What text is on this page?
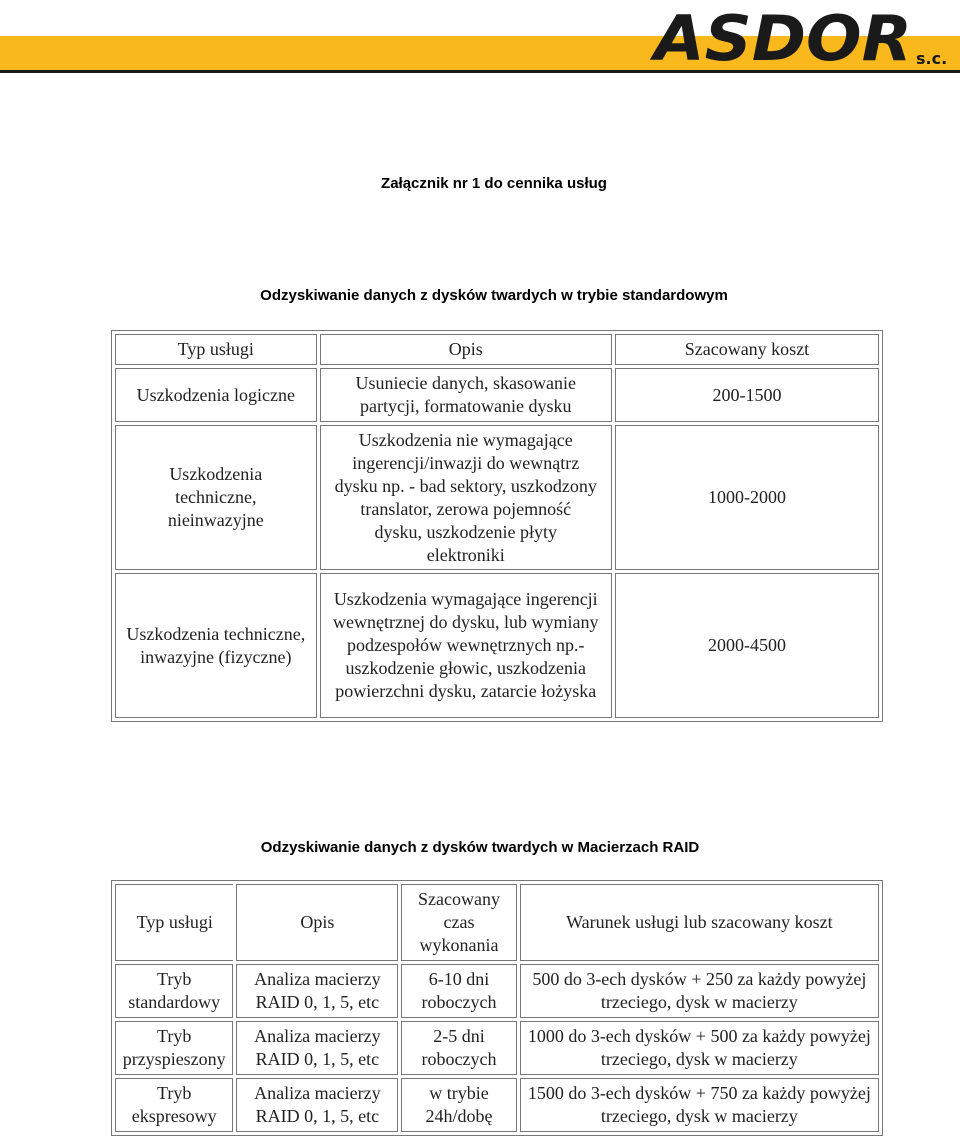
ASDOR s.c.
Załącznik nr 1 do cennika usług
Odzyskiwanie danych z dysków twardych w trybie standardowym
Typ usługi	Opis	Szacowany koszt
Uszkodzenia logiczne	Usuniecie danych, skasowanie partycji, formatowanie dysku	200-1500
Uszkodzenia techniczne, nieinwazyjne	Uszkodzenia nie wymagające ingerencji/inwazji do wewnątrz dysku np. - bad sektory, uszkodzony translator, zerowa pojemność dysku, uszkodzenie płyty elektroniki	1000-2000
Uszkodzenia techniczne, inwazyjne (fizyczne)	Uszkodzenia wymagające ingerencji wewnętrznej do dysku, lub wymiany podzespołów wewnętrznych np.- uszkodzenie głowic, uszkodzenia powierzchni dysku, zatarcie łożyska	2000-4500
Odzyskiwanie danych z dysków twardych w Macierzach RAID
Typ usługi	Opis	Szacowany czas wykonania	Warunek usługi lub szacowany koszt
Tryb standardowy	Analiza macierzy RAID 0, 1, 5, etc	6-10 dni roboczych	500 do 3-ech dysków + 250 za każdy powyżej trzeciego, dysk w macierzy
Tryb przyspieszony	Analiza macierzy RAID 0, 1, 5, etc	2-5 dni roboczych	1000 do 3-ech dysków + 500 za każdy powyżej trzeciego, dysk w macierzy
Tryb ekspresowy	Analiza macierzy RAID 0, 1, 5, etc	w trybie 24h/dobę	1500 do 3-ech dysków + 750 za każdy powyżej trzeciego, dysk w macierzy
